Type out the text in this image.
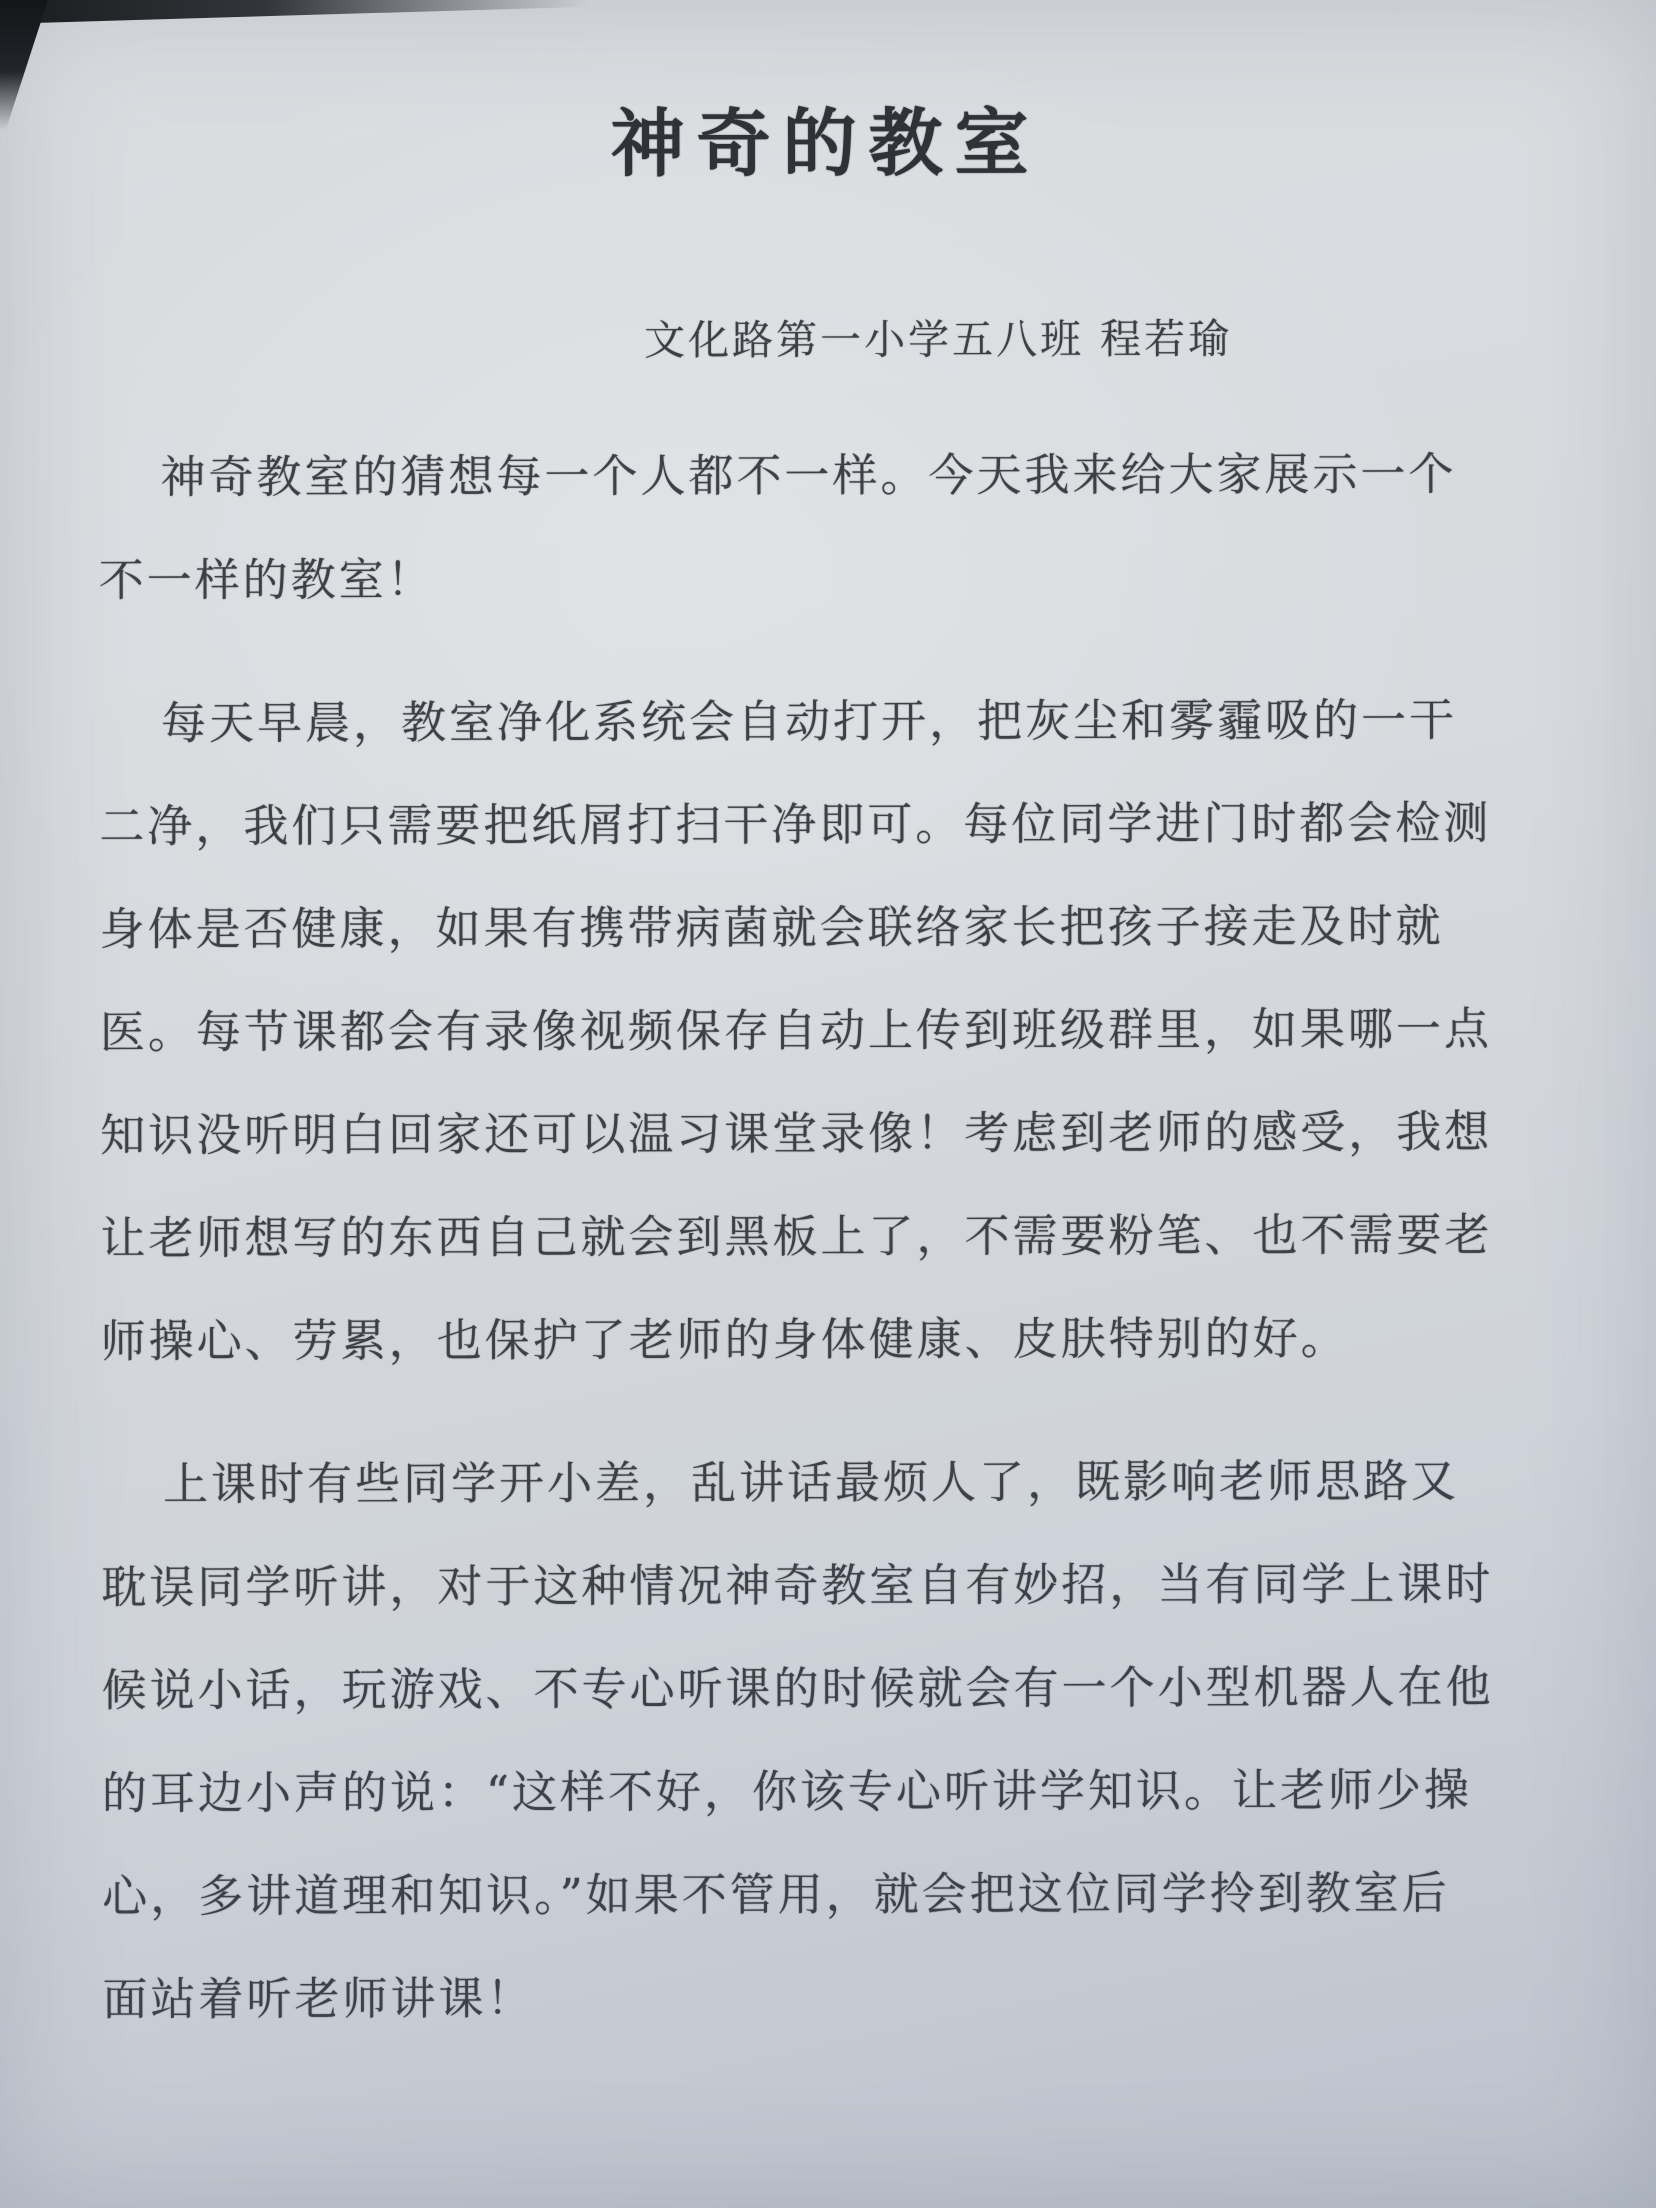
神奇的教室
文化路第一小学五八班 程若瑜
神奇教室的猜想每一个人都不一样。今天我来给大家展示一个
不一样的教室！
每天早晨，教室净化系统会自动打开，把灰尘和雾霾吸的一干
二净，我们只需要把纸屑打扫干净即可。每位同学进门时都会检测
身体是否健康，如果有携带病菌就会联络家长把孩子接走及时就
医。每节课都会有录像视频保存自动上传到班级群里，如果哪一点
知识没听明白回家还可以温习课堂录像！考虑到老师的感受，我想
让老师想写的东西自己就会到黑板上了，不需要粉笔、也不需要老
师操心、劳累，也保护了老师的身体健康、皮肤特别的好。
上课时有些同学开小差，乱讲话最烦人了，既影响老师思路又
耽误同学听讲，对于这种情况神奇教室自有妙招，当有同学上课时
候说小话，玩游戏、不专心听课的时候就会有一个小型机器人在他
的耳边小声的说：“这样不好，你该专心听讲学知识。让老师少操
心，多讲道理和知识。”如果不管用，就会把这位同学拎到教室后
面站着听老师讲课！
